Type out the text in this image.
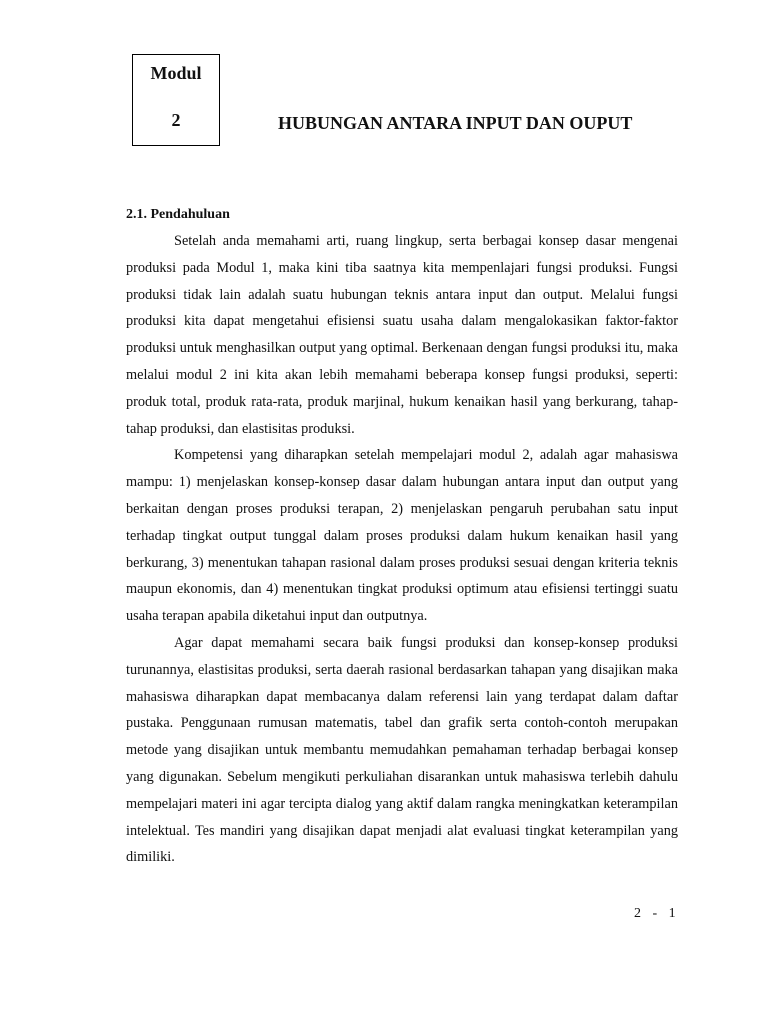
Modul
2	HUBUNGAN ANTARA INPUT DAN OUPUT
2.1. Pendahuluan

Setelah anda memahami arti, ruang lingkup, serta berbagai konsep dasar mengenai produksi pada Modul 1, maka kini tiba saatnya kita mempenlajari fungsi produksi. Fungsi produksi tidak lain adalah suatu hubungan teknis antara input dan output. Melalui fungsi produksi kita dapat mengetahui efisiensi suatu usaha dalam mengalokasikan faktor-faktor produksi untuk menghasilkan output yang optimal. Berkenaan dengan fungsi produksi itu, maka melalui modul 2 ini kita akan lebih memahami beberapa konsep fungsi produksi, seperti: produk total, produk rata-rata, produk marjinal, hukum kenaikan hasil yang berkurang, tahap-tahap produksi, dan elastisitas produksi.

Kompetensi yang diharapkan setelah mempelajari modul 2, adalah agar mahasiswa mampu: 1) menjelaskan konsep-konsep dasar dalam hubungan antara input dan output yang berkaitan dengan proses produksi terapan, 2) menjelaskan pengaruh perubahan satu input terhadap tingkat output tunggal dalam proses produksi dalam hukum kenaikan hasil yang berkurang, 3) menentukan tahapan rasional dalam proses produksi sesuai dengan kriteria teknis maupun ekonomis, dan 4) menentukan tingkat produksi optimum atau efisiensi tertinggi suatu usaha terapan apabila diketahui input dan outputnya.

Agar dapat memahami secara baik fungsi produksi dan konsep-konsep produksi turunannya, elastisitas produksi, serta daerah rasional berdasarkan tahapan yang disajikan maka mahasiswa diharapkan dapat membacanya dalam referensi lain yang terdapat dalam daftar pustaka. Penggunaan rumusan matematis, tabel dan grafik serta contoh-contoh merupakan metode yang disajikan untuk membantu memudahkan pemahaman terhadap berbagai konsep yang digunakan. Sebelum mengikuti perkuliahan disarankan untuk mahasiswa terlebih dahulu mempelajari materi ini agar tercipta dialog yang aktif dalam rangka meningkatkan keterampilan intelektual. Tes mandiri yang disajikan dapat menjadi alat evaluasi tingkat keterampilan yang dimiliki.

2 - 1
